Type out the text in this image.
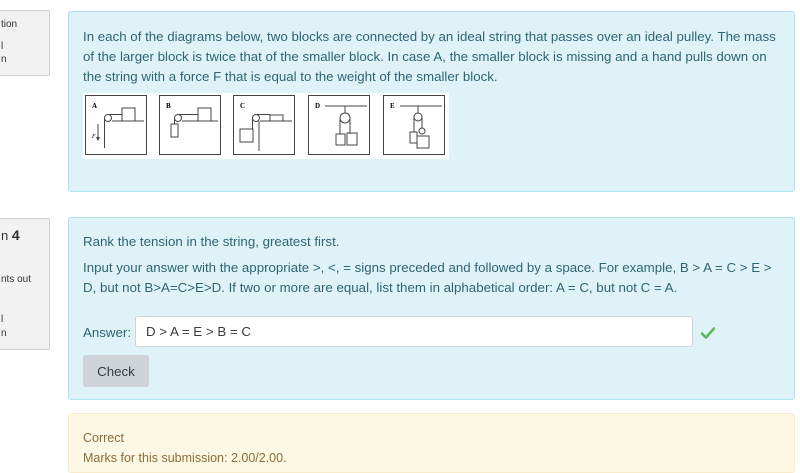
tion
l
n
n 4
nts out
l
n

In each of the diagrams below, two blocks are connected by an ideal string that passes over an ideal pulley. The mass of the larger block is twice that of the smaller block. In case A, the smaller block is missing and a hand pulls down on the string with a force F that is equal to the weight of the smaller block.

A
F
B	C	D	E

Rank the tension in the string, greatest first.

Input your answer with the appropriate >, <, = signs preceded and followed by a space. For example, B > A = C > E > D, but not B>A=C>E>D. If two or more are equal, list them in alphabetical order: A = C, but not C = A.

Answer:
D > A = E > B = C
Check
Correct
Marks for this submission: 2.00/2.00.
